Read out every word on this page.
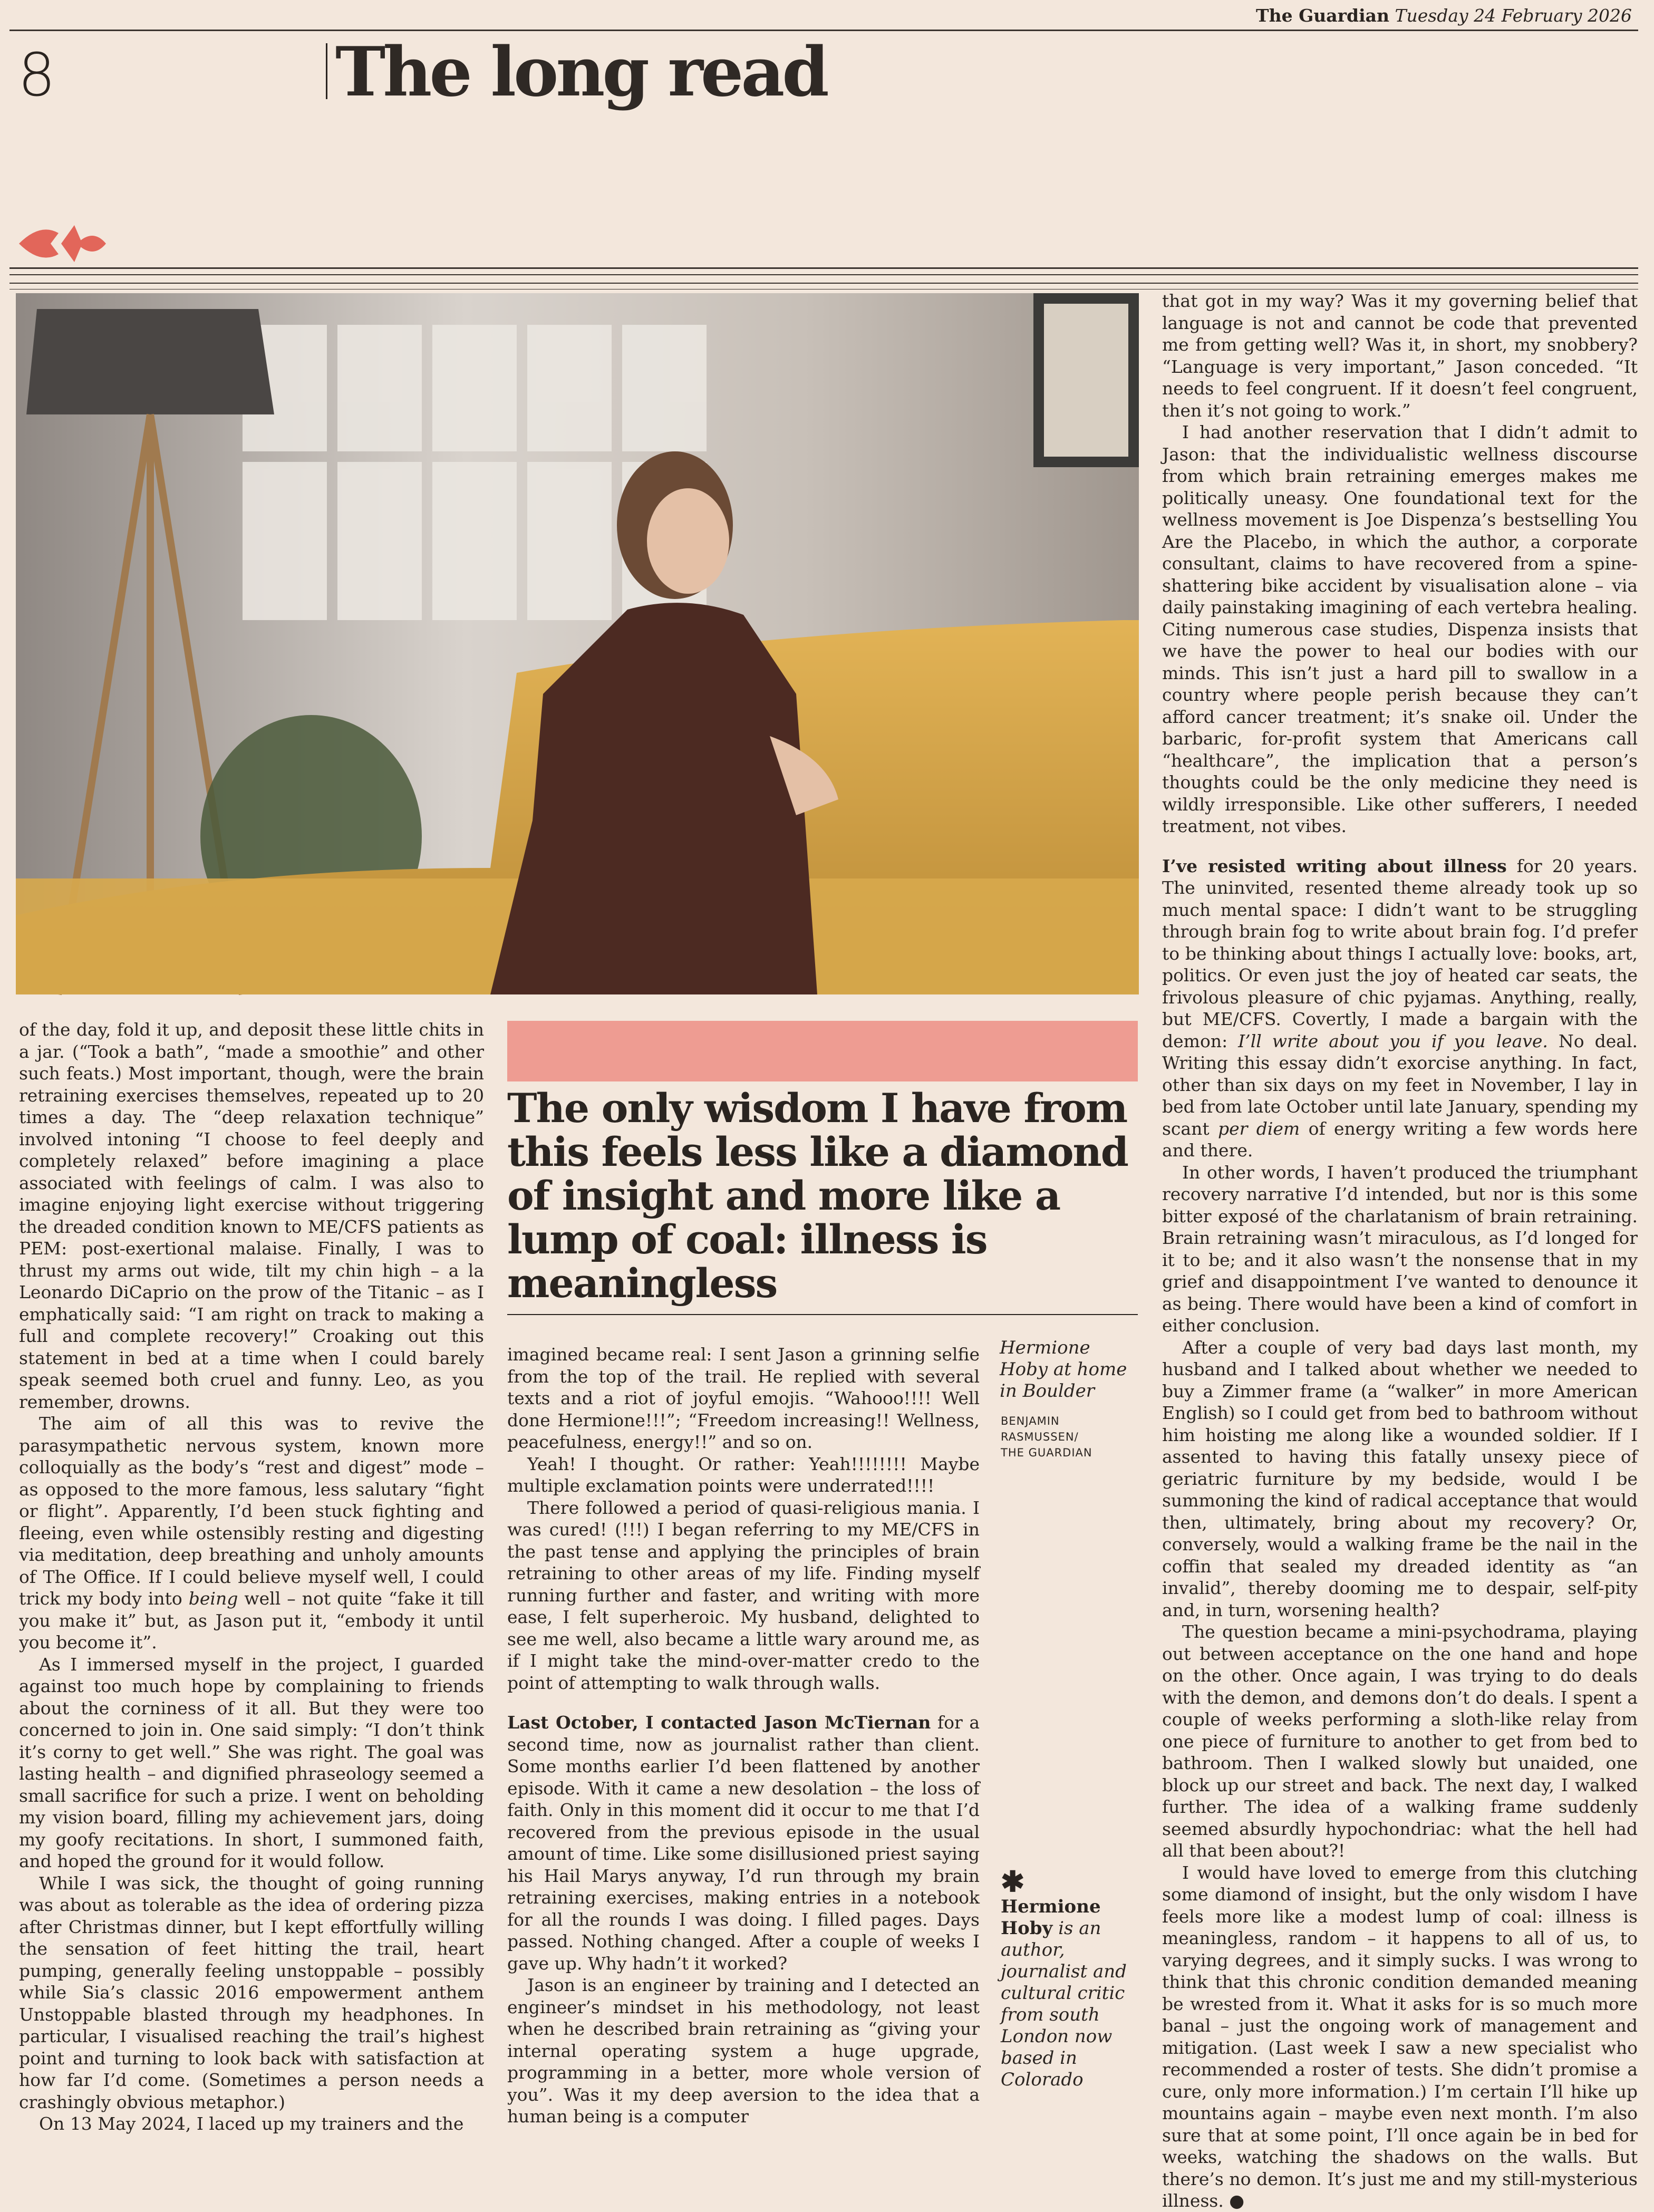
The Guardian Tuesday 24 February 2026
8	The long read

of the day, fold it up, and deposit these little chits in a jar. (“Took a bath”, “made a smoothie” and other such feats.) Most important, though, were the brain retraining exercises themselves, repeated up to 20 times a day. The “deep relaxation technique” involved intoning “I choose to feel deeply and completely relaxed” before imagining a place associated with feelings of calm. I was also to imagine enjoying light exercise without triggering the dreaded condition known to ME/CFS patients as PEM: post-exertional malaise. Finally, I was to thrust my arms out wide, tilt my chin high – a la Leonardo DiCaprio on the prow of the Titanic – as I emphatically said: “I am right on track to making a full and complete recovery!” Croaking out this statement in bed at a time when I could barely speak seemed both cruel and funny. Leo, as you remember, drowns.

The aim of all this was to revive the parasympathetic nervous system, known more colloquially as the body’s “rest and digest” mode – as opposed to the more famous, less salutary “fight or flight”. Apparently, I’d been stuck fighting and fleeing, even while ostensibly resting and digesting via meditation, deep breathing and unholy amounts of The Office. If I could believe myself well, I could trick my body into being well – not quite “fake it till you make it” but, as Jason put it, “embody it until you become it”.

As I immersed myself in the project, I guarded against too much hope by complaining to friends about the corniness of it all. But they were too concerned to join in. One said simply: “I don’t think it’s corny to get well.” She was right. The goal was lasting health – and dignified phraseology seemed a small sacrifice for such a prize. I went on beholding my vision board, filling my achievement jars, doing my goofy recitations. In short, I summoned faith, and hoped the ground for it would follow.

While I was sick, the thought of going running was about as tolerable as the idea of ordering pizza after Christmas dinner, but I kept effortfully willing the sensation of feet hitting the trail, heart pumping, generally feeling unstoppable – possibly while Sia’s classic 2016 empowerment anthem Unstoppable blasted through my headphones. In particular, I visualised reaching the trail’s highest point and turning to look back with satisfaction at how far I’d come. (Sometimes a person needs a crashingly obvious metaphor.)

On 13 May 2024, I laced up my trainers and the

The only wisdom I have from this feels less like a diamond of insight and more like a lump of coal: illness is meaningless

imagined became real: I sent Jason a grinning selfie from the top of the trail. He replied with several texts and a riot of joyful emojis. “Wahooo!!!! Well done Hermione!!!”; “Freedom increasing!! Wellness, peacefulness, energy!!” and so on.

Yeah! I thought. Or rather: Yeah!!!!!!!! Maybe multiple exclamation points were underrated!!!!

There followed a period of quasi-religious mania. I was cured! (!!!) I began referring to my ME/CFS in the past tense and applying the principles of brain retraining to other areas of my life. Finding myself running further and faster, and writing with more ease, I felt superheroic. My husband, delighted to see me well, also became a little wary around me, as if I might take the mind-over-matter credo to the point of attempting to walk through walls.

Last October, I contacted Jason McTiernan for a second time, now as journalist rather than client. Some months earlier I’d been flattened by another episode. With it came a new desolation – the loss of faith. Only in this moment did it occur to me that I’d recovered from the previous episode in the usual amount of time. Like some disillusioned priest saying his Hail Marys anyway, I’d run through my brain retraining exercises, making entries in a notebook for all the rounds I was doing. I filled pages. Days passed. Nothing changed. After a couple of weeks I gave up. Why hadn’t it worked?

Jason is an engineer by training and I detected an engineer’s mindset in his methodology, not least when he described brain retraining as “giving your internal operating system a huge upgrade, programming in a better, more whole version of you”. Was it my deep aversion to the idea that a human being is a computer

Hermione Hoby at home in Boulder
BENJAMIN
RASMUSSEN/
THE GUARDIAN
✱
Hermione Hoby is an author, journalist and cultural critic from south London now based in Colorado

that got in my way? Was it my governing belief that language is not and cannot be code that prevented me from getting well? Was it, in short, my snobbery? “Language is very important,” Jason conceded. “It needs to feel congruent. If it doesn’t feel congruent, then it’s not going to work.”

I had another reservation that I didn’t admit to Jason: that the individualistic wellness discourse from which brain retraining emerges makes me politically uneasy. One foundational text for the wellness movement is Joe Dispenza’s bestselling You Are the Placebo, in which the author, a corporate consultant, claims to have recovered from a spine-shattering bike accident by visualisation alone – via daily painstaking imagining of each vertebra healing. Citing numerous case studies, Dispenza insists that we have the power to heal our bodies with our minds. This isn’t just a hard pill to swallow in a country where people perish because they can’t afford cancer treatment; it’s snake oil. Under the barbaric, for-profit system that Americans call “healthcare”, the implication that a person’s thoughts could be the only medicine they need is wildly irresponsible. Like other sufferers, I needed treatment, not vibes.

I’ve resisted writing about illness for 20 years. The uninvited, resented theme already took up so much mental space: I didn’t want to be struggling through brain fog to write about brain fog. I’d prefer to be thinking about things I actually love: books, art, politics. Or even just the joy of heated car seats, the frivolous pleasure of chic pyjamas. Anything, really, but ME/CFS. Covertly, I made a bargain with the demon: I’ll write about you if you leave. No deal. Writing this essay didn’t exorcise anything. In fact, other than six days on my feet in November, I lay in bed from late October until late January, spending my scant per diem of energy writing a few words here and there.

In other words, I haven’t produced the triumphant recovery narrative I’d intended, but nor is this some bitter exposé of the charlatanism of brain retraining. Brain retraining wasn’t miraculous, as I’d longed for it to be; and it also wasn’t the nonsense that in my grief and disappointment I’ve wanted to denounce it as being. There would have been a kind of comfort in either conclusion.

After a couple of very bad days last month, my husband and I talked about whether we needed to buy a Zimmer frame (a “walker” in more American English) so I could get from bed to bathroom without him hoisting me along like a wounded soldier. If I assented to having this fatally unsexy piece of geriatric furniture by my bedside, would I be summoning the kind of radical acceptance that would then, ultimately, bring about my recovery? Or, conversely, would a walking frame be the nail in the coffin that sealed my dreaded identity as “an invalid”, thereby dooming me to despair, self-pity and, in turn, worsening health?

The question became a mini-psychodrama, playing out between acceptance on the one hand and hope on the other. Once again, I was trying to do deals with the demon, and demons don’t do deals. I spent a couple of weeks performing a sloth-like relay from one piece of furniture to another to get from bed to bathroom. Then I walked slowly but unaided, one block up our street and back. The next day, I walked further. The idea of a walking frame suddenly seemed absurdly hypochondriac: what the hell had all that been about?!

I would have loved to emerge from this clutching some diamond of insight, but the only wisdom I have feels more like a modest lump of coal: illness is meaningless, random – it happens to all of us, to varying degrees, and it simply sucks. I was wrong to think that this chronic condition demanded meaning be wrested from it. What it asks for is so much more banal – just the ongoing work of management and mitigation. (Last week I saw a new specialist who recommended a roster of tests. She didn’t promise a cure, only more information.) I’m certain I’ll hike up mountains again – maybe even next month. I’m also sure that at some point, I’ll once again be in bed for weeks, watching the shadows on the walls. But there’s no demon. It’s just me and my still-mysterious illness. ●
